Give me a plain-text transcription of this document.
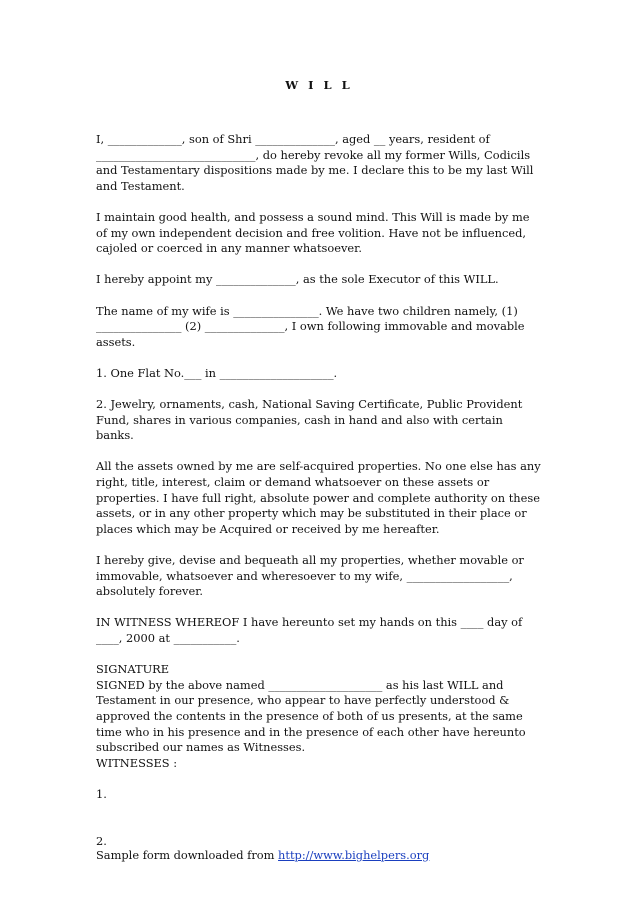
W I L L

I, _____________, son of Shri ______________, aged __ years, resident of ____________________________, do hereby revoke all my former Wills, Codicils and Testamentary dispositions made by me. I declare this to be my last Will and Testament.

I maintain good health, and possess a sound mind. This Will is made by me of my own independent decision and free volition. Have not be influenced, cajoled or coerced in any manner whatsoever.

I hereby appoint my ______________, as the sole Executor of this WILL.

The name of my wife is _______________. We have two children namely, (1) _______________ (2) ______________, I own following immovable and movable assets.

1. One Flat No.___ in ____________________.

2. Jewelry, ornaments, cash, National Saving Certificate, Public Provident Fund, shares in various companies, cash in hand and also with certain banks.

All the assets owned by me are self-acquired properties. No one else has any right, title, interest, claim or demand whatsoever on these assets or properties. I have full right, absolute power and complete authority on these assets, or in any other property which may be substituted in their place or places which may be Acquired or received by me hereafter.

I hereby give, devise and bequeath all my properties, whether movable or immovable, whatsoever and wheresoever to my wife, __________________, absolutely forever.

IN WITNESS WHEREOF I have hereunto set my hands on this ____ day of ____, 2000 at ___________.

SIGNATURE

SIGNED by the above named ____________________ as his last WILL and Testament in our presence, who appear to have perfectly understood & approved the contents in the presence of both of us presents, at the same time who in his presence and in the presence of each other have hereunto subscribed our names as Witnesses.

WITNESSES :

1.

2.

Sample form downloaded from http://www.bighelpers.org
